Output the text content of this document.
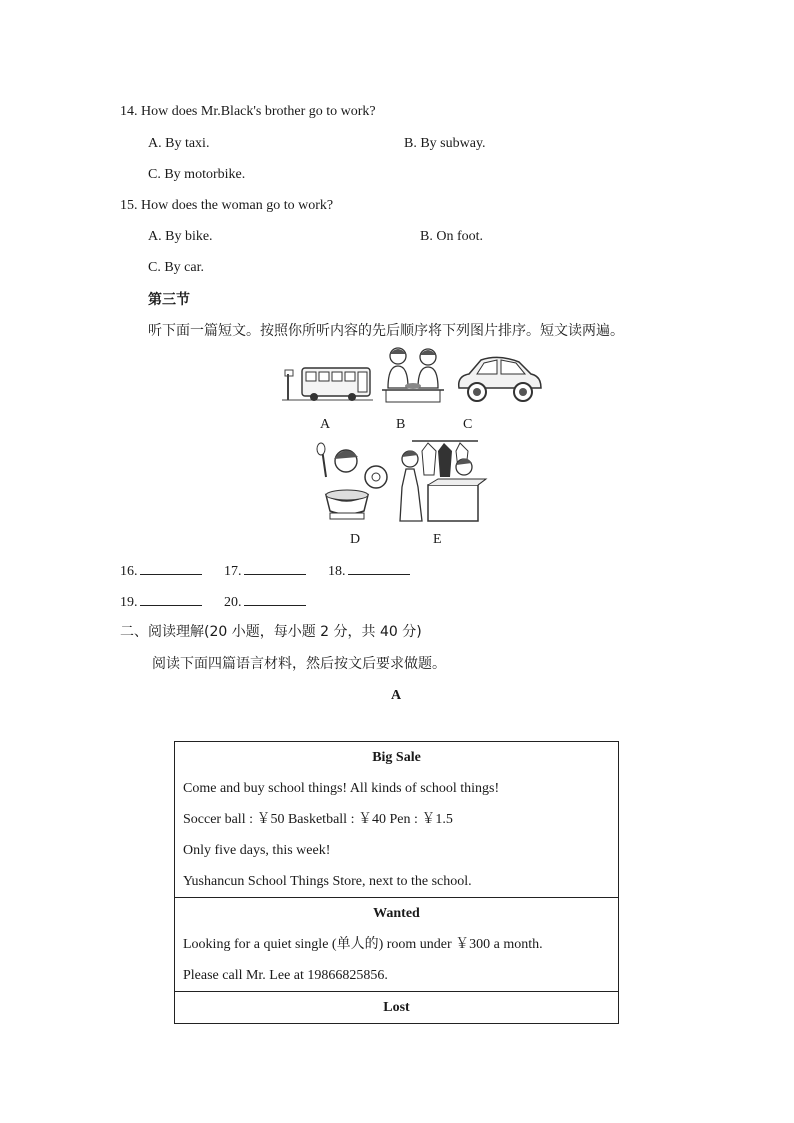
14. How does Mr.Black's brother go to work?
A. By taxi.	B. By subway.
C. By motorbike.
15. How does the woman go to work?
A. By bike.	B. On foot.
C. By car.
第三节
听下面一篇短文。按照你所听内容的先后顺序将下列图片排序。短文读两遍。
A	B	C
D	E
16.	17.	18.
19.	20.
二、阅读理解(20 小题，每小题 2 分，共 40 分)
阅读下面四篇语言材料，然后按文后要求做题。
A
Big Sale
Come and buy school things! All kinds of school things!
Soccer ball : ￥50 Basketball : ￥40 Pen : ￥1.5
Only five days, this week!
Yushancun School Things Store, next to the school.
Wanted
Looking for a quiet single (单人的) room under ￥300 a month.
Please call Mr. Lee at 19866825856.
Lost
